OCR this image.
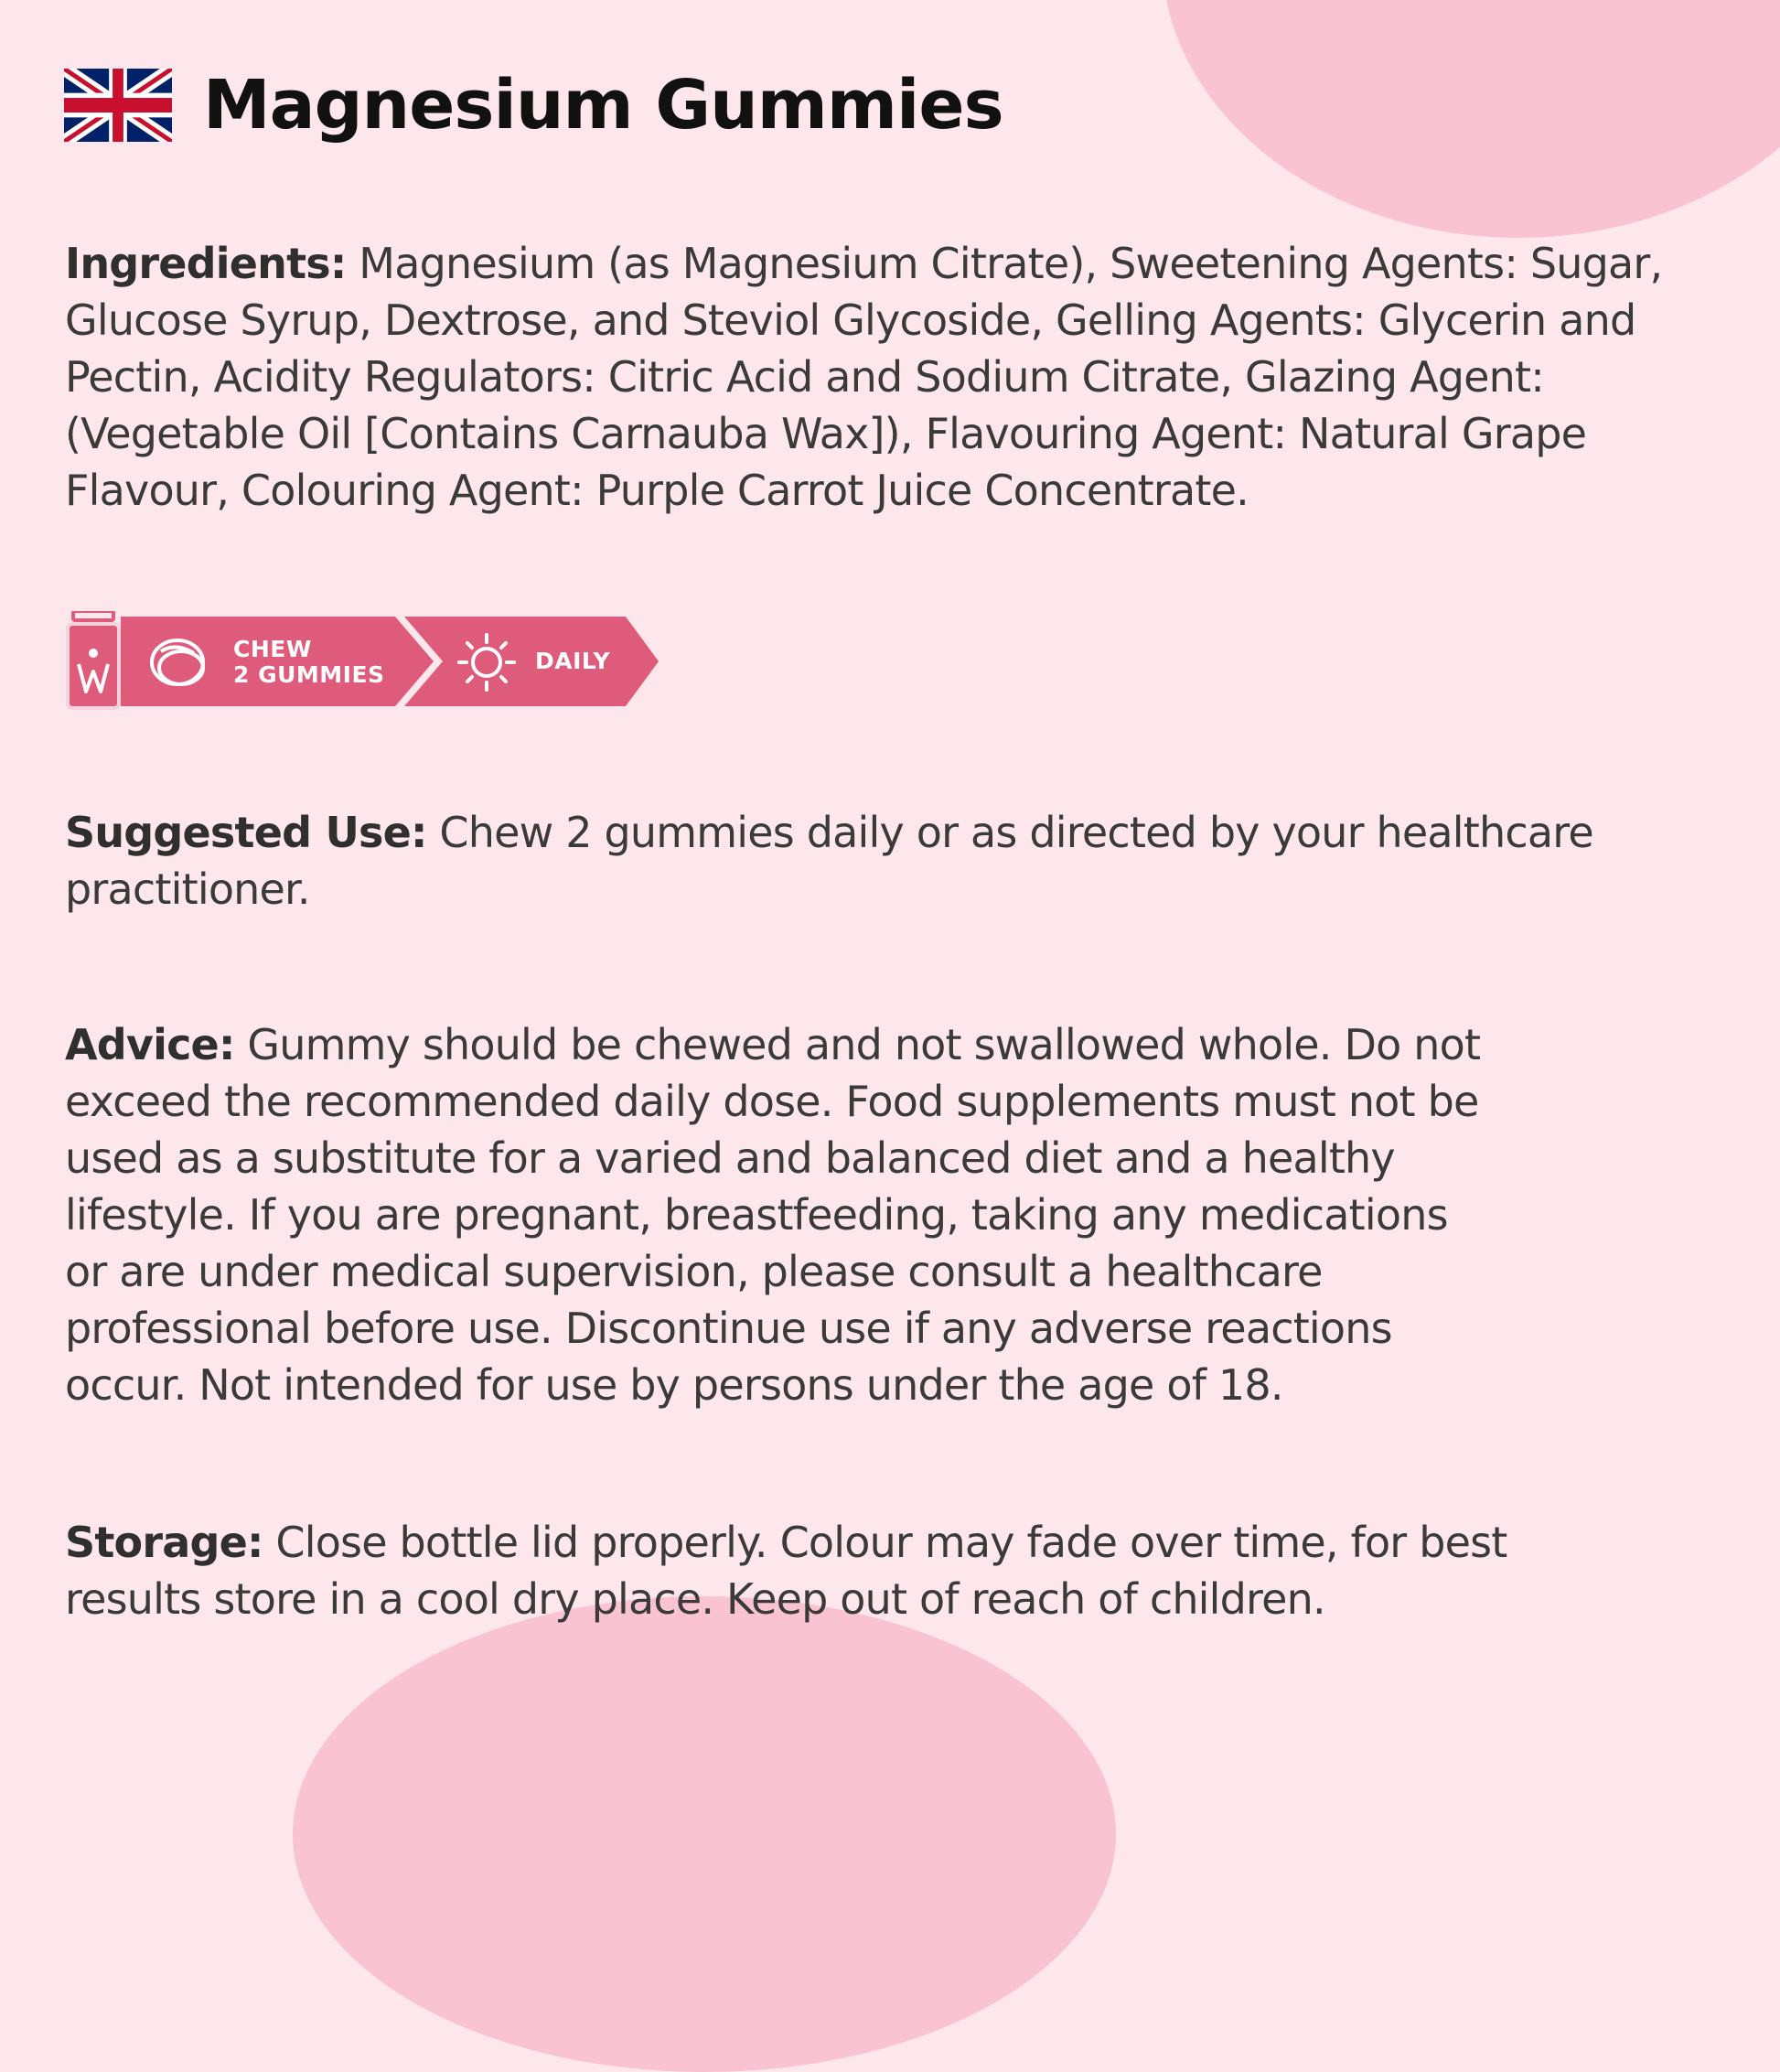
Magnesium Gummies

Ingredients: Magnesium (as Magnesium Citrate), Sweetening Agents: Sugar,

Glucose Syrup, Dextrose, and Steviol Glycoside, Gelling Agents: Glycerin and

Pectin, Acidity Regulators: Citric Acid and Sodium Citrate, Glazing Agent:

(Vegetable Oil [Contains Carnauba Wax]), Flavouring Agent: Natural Grape

Flavour, Colouring Agent: Purple Carrot Juice Concentrate.

CHEW
2 GUMMIES
DAILY

Suggested Use: Chew 2 gummies daily or as directed by your healthcare

practitioner.

Advice: Gummy should be chewed and not swallowed whole. Do not

exceed the recommended daily dose. Food supplements must not be

used as a substitute for a varied and balanced diet and a healthy

lifestyle. If you are pregnant, breastfeeding, taking any medications

or are under medical supervision, please consult a healthcare

professional before use. Discontinue use if any adverse reactions

occur. Not intended for use by persons under the age of 18.

Storage: Close bottle lid properly. Colour may fade over time, for best

results store in a cool dry place. Keep out of reach of children.
